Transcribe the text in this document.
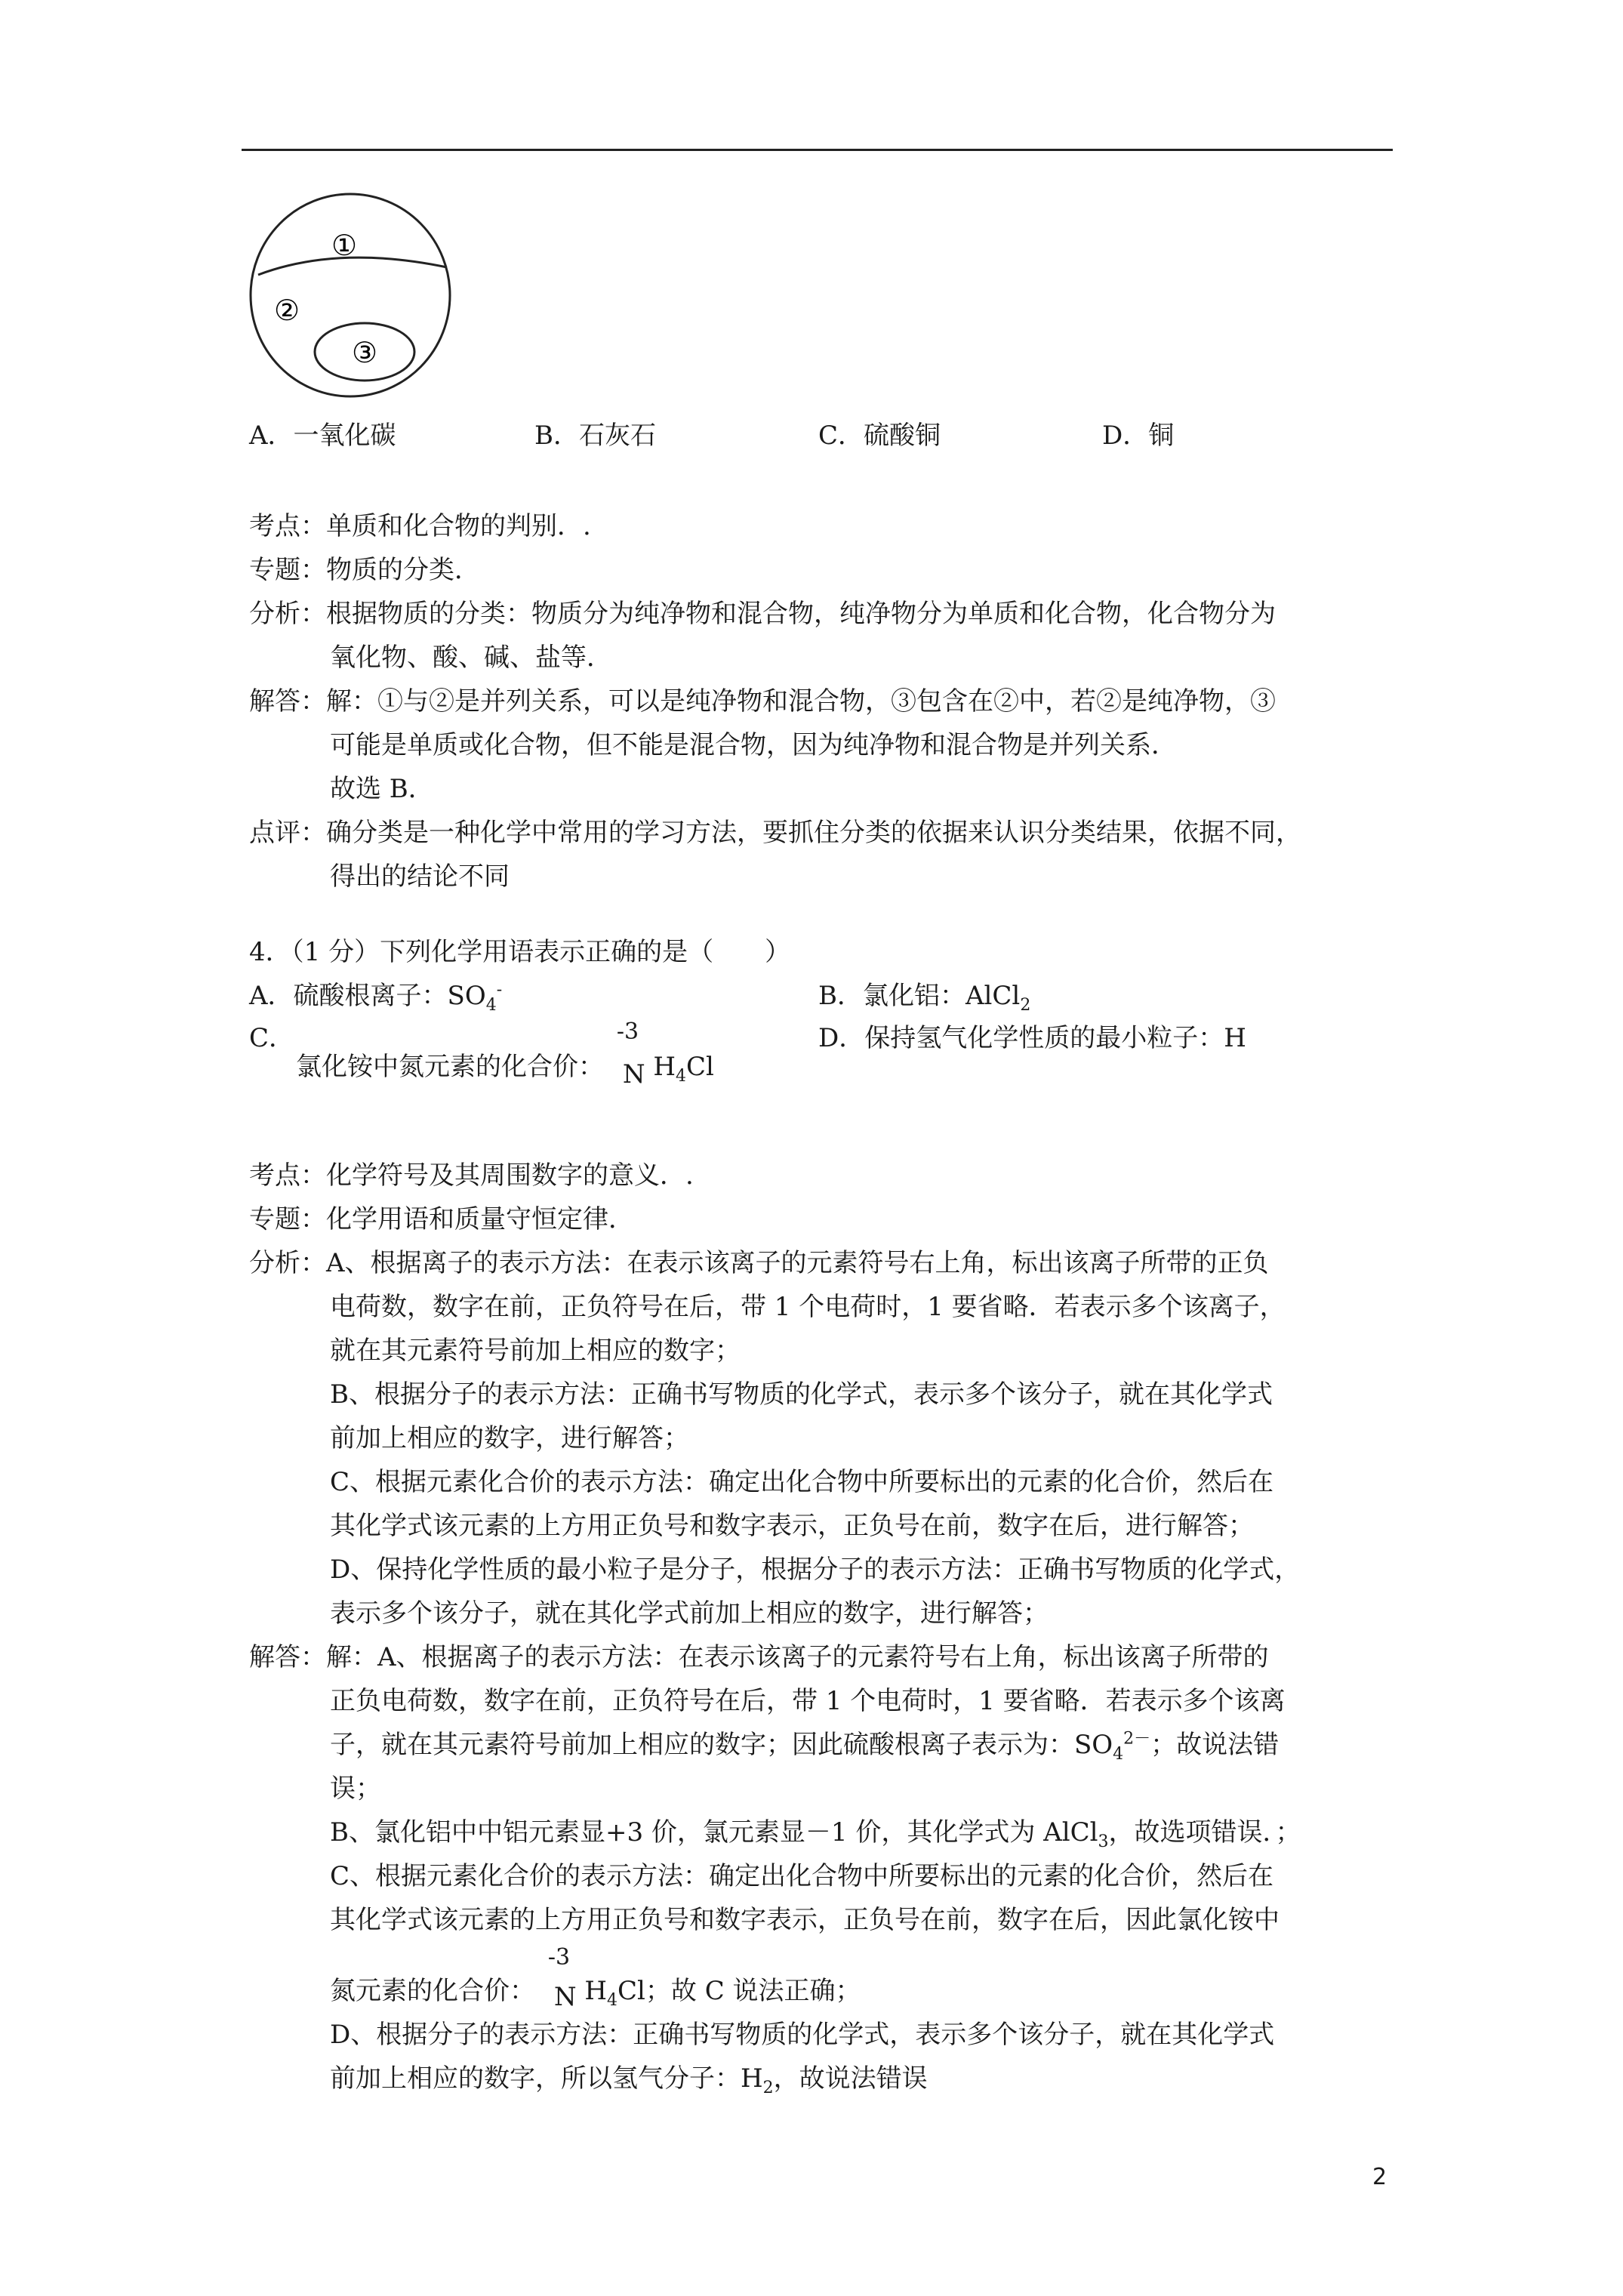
①
②
③
A．一氧化碳	B．石灰石	C．硫酸铜	D．铜
考点：单质和化合物的判别．.
专题：物质的分类．
分析：根据物质的分类：物质分为纯净物和混合物，纯净物分为单质和化合物，化合物分为
氧化物、酸、碱、盐等．
解答：解：①与②是并列关系，可以是纯净物和混合物，③包含在②中，若②是纯净物，③
可能是单质或化合物，但不能是混合物，因为纯净物和混合物是并列关系．
故选 B．
点评：确分类是一种化学中常用的学习方法，要抓住分类的依据来认识分类结果，依据不同，
得出的结论不同
4．（1 分）下列化学用语表示正确的是（　　）
A．硫酸根离子：$SO_4^-$	B．氯化铝：AlCl$_2$
C．
氯化铵中氮元素的化合价：
-3
N $H_4Cl$
D．保持氢气化学性质的最小粒子：H
考点：化学符号及其周围数字的意义．.
专题：化学用语和质量守恒定律．
分析：A、根据离子的表示方法：在表示该离子的元素符号右上角，标出该离子所带的正负
电荷数，数字在前，正负符号在后，带 1 个电荷时，1 要省略．若表示多个该离子，
就在其元素符号前加上相应的数字；
B、根据分子的表示方法：正确书写物质的化学式，表示多个该分子，就在其化学式
前加上相应的数字，进行解答；
C、根据元素化合价的表示方法：确定出化合物中所要标出的元素的化合价，然后在
其化学式该元素的上方用正负号和数字表示，正负号在前，数字在后，进行解答；
D、保持化学性质的最小粒子是分子，根据分子的表示方法：正确书写物质的化学式，
表示多个该分子，就在其化学式前加上相应的数字，进行解答；
解答：解：A、根据离子的表示方法：在表示该离子的元素符号右上角，标出该离子所带的
正负电荷数，数字在前，正负符号在后，带 1 个电荷时，1 要省略．若表示多个该离
子，就在其元素符号前加上相应的数字；因此硫酸根离子表示为：$SO_4^{2-}$；故说法错
误；
B、氯化铝中中铝元素显+3 价，氯元素显－1 价，其化学式为 AlCl$_3$，故选项错误．；
C、根据元素化合价的表示方法：确定出化合物中所要标出的元素的化合价，然后在
其化学式该元素的上方用正负号和数字表示，正负号在前，数字在后，因此氯化铵中
氮元素的化合价：
-3
N $H_4Cl$；故 C 说法正确；
D、根据分子的表示方法：正确书写物质的化学式，表示多个该分子，就在其化学式
前加上相应的数字，所以氢气分子：$H_2$，故说法错误
2
